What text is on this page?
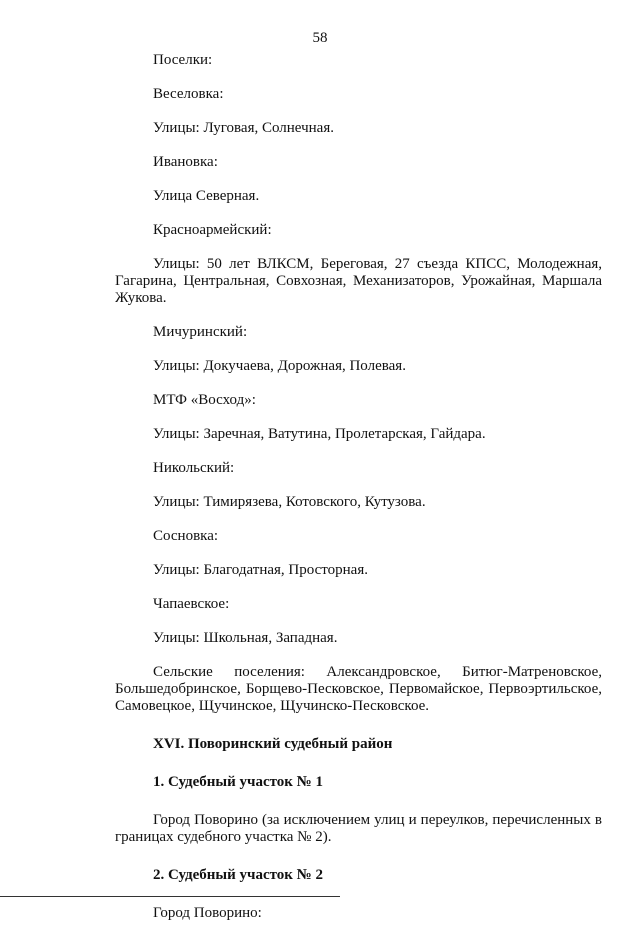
58

Поселки:

Веселовка:

Улицы: Луговая, Солнечная.

Ивановка:

Улица Северная.

Красноармейский:

Улицы: 50 лет ВЛКСМ, Береговая, 27 съезда КПСС, Молодежная, Гагарина, Центральная, Совхозная, Механизаторов, Урожайная, Маршала Жукова.

Мичуринский:

Улицы: Докучаева, Дорожная, Полевая.

МТФ «Восход»:

Улицы: Заречная, Ватутина, Пролетарская, Гайдара.

Никольский:

Улицы: Тимирязева, Котовского, Кутузова.

Сосновка:

Улицы: Благодатная, Просторная.

Чапаевское:

Улицы: Школьная, Западная.

Сельские поселения: Александровское, Битюг-Матреновское, Большедобринское, Борщево-Песковское, Первомайское, Первоэртильское, Самовецкое, Щучинское, Щучинско-Песковское.

XVI. Поворинский судебный район

1. Судебный участок № 1

Город Поворино (за исключением улиц и переулков, перечисленных в границах судебного участка № 2).

2. Судебный участок № 2

Город Поворино:
